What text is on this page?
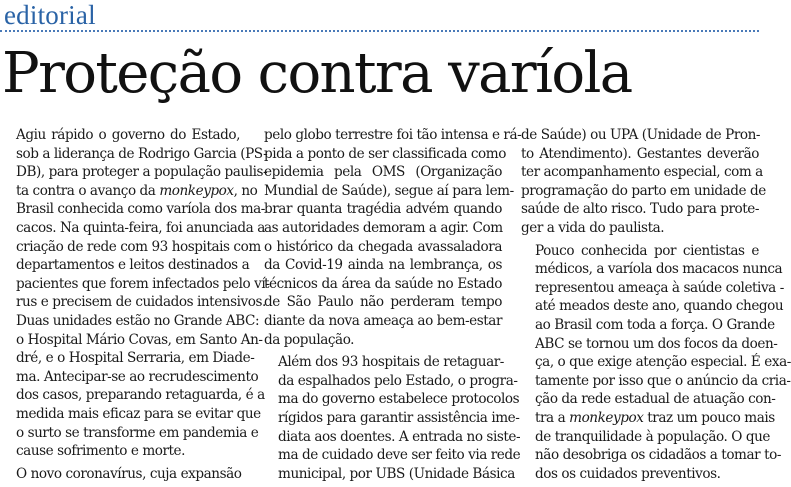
editorial
Proteção contra varíola

Agiu rápido o governo do Estado,
sob a liderança de Rodrigo Garcia (PS-
DB), para proteger a população paulis-
ta contra o avanço da monkeypox, no
Brasil conhecida como varíola dos ma-
cacos. Na quinta-feira, foi anunciada a
criação de rede com 93 hospitais com
departamentos e leitos destinados a
pacientes que forem infectados pelo ví-
rus e precisem de cuidados intensivos.
Duas unidades estão no Grande ABC:
o Hospital Mário Covas, em Santo An-
dré, e o Hospital Serraria, em Diade-
ma. Antecipar-se ao recrudescimento
dos casos, preparando retaguarda, é a
medida mais eficaz para se evitar que
o surto se transforme em pandemia e
cause sofrimento e morte.

O novo coronavírus, cuja expansão

pelo globo terrestre foi tão intensa e rá-
pida a ponto de ser classificada como
epidemia pela OMS (Organização
Mundial de Saúde), segue aí para lem-
brar quanta tragédia advém quando
as autoridades demoram a agir. Com
o histórico da chegada avassaladora
da Covid-19 ainda na lembrança, os
técnicos da área da saúde no Estado
de São Paulo não perderam tempo
diante da nova ameaça ao bem-estar
da população.

Além dos 93 hospitais de retaguar-
da espalhados pelo Estado, o progra-
ma do governo estabelece protocolos
rígidos para garantir assistência ime-
diata aos doentes. A entrada no siste-
ma de cuidado deve ser feito via rede
municipal, por UBS (Unidade Básica

de Saúde) ou UPA (Unidade de Pron-
to Atendimento). Gestantes deverão
ter acompanhamento especial, com a
programação do parto em unidade de
saúde de alto risco. Tudo para prote-
ger a vida do paulista.

Pouco conhecida por cientistas e
médicos, a varíola dos macacos nunca
representou ameaça à saúde coletiva -
até meados deste ano, quando chegou
ao Brasil com toda a força. O Grande
ABC se tornou um dos focos da doen-
ça, o que exige atenção especial. É exa-
tamente por isso que o anúncio da cria-
ção da rede estadual de atuação con-
tra a monkeypox traz um pouco mais
de tranquilidade à população. O que
não desobriga os cidadãos a tomar to-
dos os cuidados preventivos.
